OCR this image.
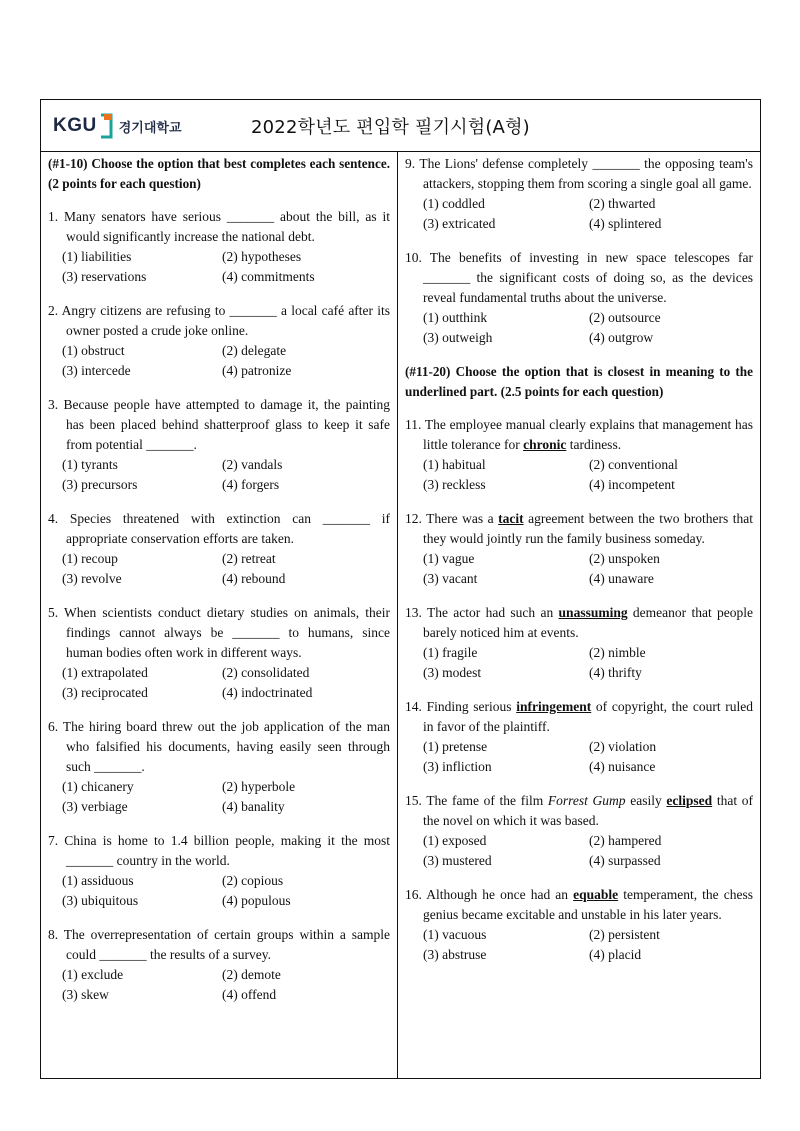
KGU 경기대학교	2022학년도 편입학 필기시험(A형)
(#1-10) Choose the option that best completes each sentence. (2 points for each question)
1. Many senators have serious _______ about the bill, as it would significantly increase the national debt.
(1) liabilities	(2) hypotheses
(3) reservations	(4) commitments
2. Angry citizens are refusing to _______ a local café after its owner posted a crude joke online.
(1) obstruct	(2) delegate
(3) intercede	(4) patronize
3. Because people have attempted to damage it, the painting has been placed behind shatterproof glass to keep it safe from potential _______.
(1) tyrants	(2) vandals
(3) precursors	(4) forgers
4. Species threatened with extinction can _______ if appropriate conservation efforts are taken.
(1) recoup	(2) retreat
(3) revolve	(4) rebound
5. When scientists conduct dietary studies on animals, their findings cannot always be _______ to humans, since human bodies often work in different ways.
(1) extrapolated	(2) consolidated
(3) reciprocated	(4) indoctrinated
6. The hiring board threw out the job application of the man who falsified his documents, having easily seen through such _______.
(1) chicanery	(2) hyperbole
(3) verbiage	(4) banality
7. China is home to 1.4 billion people, making it the most _______ country in the world.
(1) assiduous	(2) copious
(3) ubiquitous	(4) populous
8. The overrepresentation of certain groups within a sample could _______ the results of a survey.
(1) exclude	(2) demote
(3) skew	(4) offend
9. The Lions' defense completely _______ the opposing team's attackers, stopping them from scoring a single goal all game.
(1) coddled	(2) thwarted
(3) extricated	(4) splintered
10. The benefits of investing in new space telescopes far _______ the significant costs of doing so, as the devices reveal fundamental truths about the universe.
(1) outthink	(2) outsource
(3) outweigh	(4) outgrow
(#11-20) Choose the option that is closest in meaning to the underlined part. (2.5 points for each question)
11. The employee manual clearly explains that management has little tolerance for chronic tardiness.
(1) habitual	(2) conventional
(3) reckless	(4) incompetent
12. There was a tacit agreement between the two brothers that they would jointly run the family business someday.
(1) vague	(2) unspoken
(3) vacant	(4) unaware
13. The actor had such an unassuming demeanor that people barely noticed him at events.
(1) fragile	(2) nimble
(3) modest	(4) thrifty
14. Finding serious infringement of copyright, the court ruled in favor of the plaintiff.
(1) pretense	(2) violation
(3) infliction	(4) nuisance
15. The fame of the film Forrest Gump easily eclipsed that of the novel on which it was based.
(1) exposed	(2) hampered
(3) mustered	(4) surpassed
16. Although he once had an equable temperament, the chess genius became excitable and unstable in his later years.
(1) vacuous	(2) persistent
(3) abstruse	(4) placid
